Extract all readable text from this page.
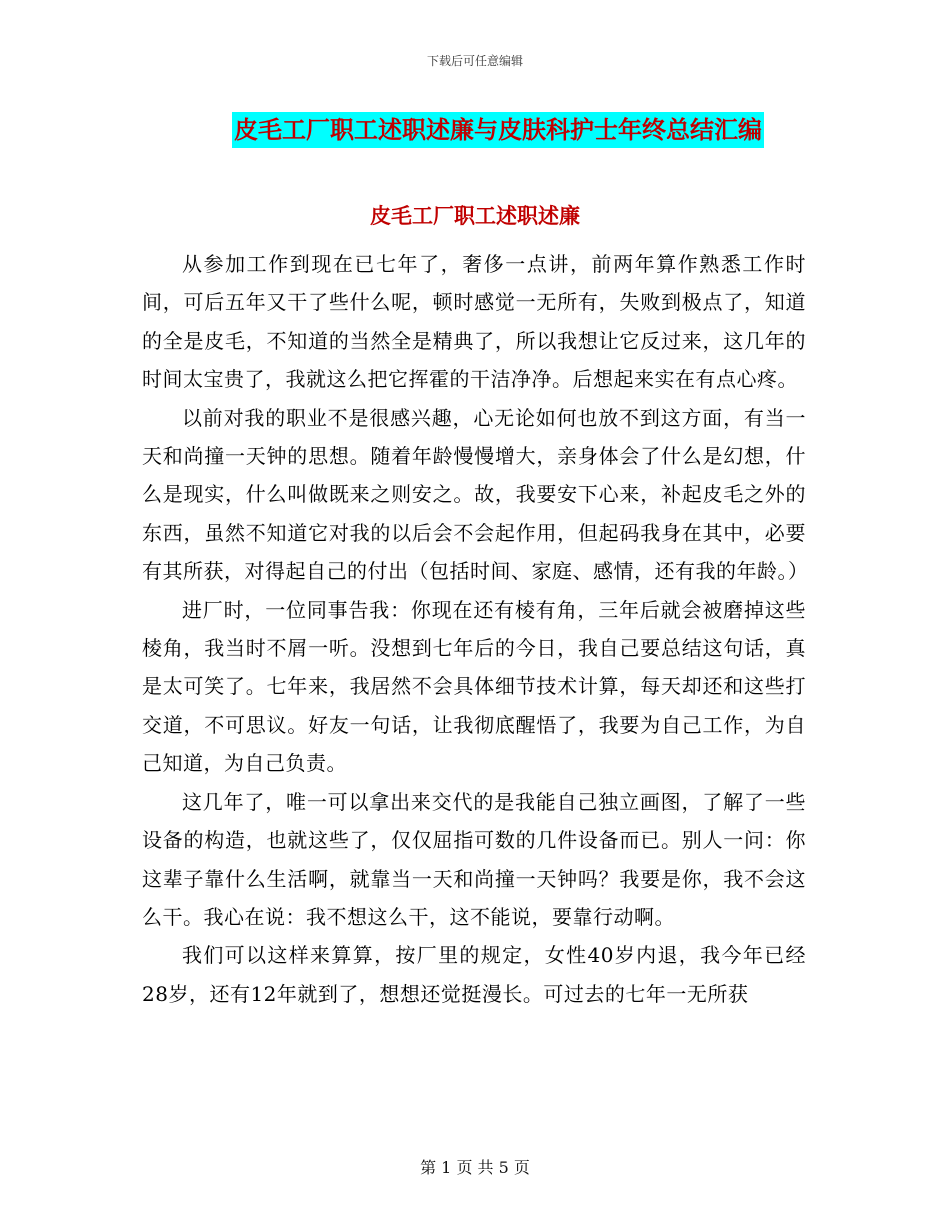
下载后可任意编辑
皮毛工厂职工述职述廉与皮肤科护士年终总结汇编
皮毛工厂职工述职述廉

从参加工作到现在已七年了，奢侈一点讲，前两年算作熟悉工作时间，可后五年又干了些什么呢，顿时感觉一无所有，失败到极点了，知道的全是皮毛，不知道的当然全是精典了，所以我想让它反过来，这几年的时间太宝贵了，我就这么把它挥霍的干洁净净。后想起来实在有点心疼。

以前对我的职业不是很感兴趣，心无论如何也放不到这方面，有当一天和尚撞一天钟的思想。随着年龄慢慢增大，亲身体会了什么是幻想，什么是现实，什么叫做既来之则安之。故，我要安下心来，补起皮毛之外的东西，虽然不知道它对我的以后会不会起作用，但起码我身在其中，必要有其所获，对得起自己的付出（包括时间、家庭、感情，还有我的年龄。）

进厂时，一位同事告我：你现在还有棱有角，三年后就会被磨掉这些棱角，我当时不屑一听。没想到七年后的今日，我自己要总结这句话，真是太可笑了。七年来，我居然不会具体细节技术计算，每天却还和这些打交道，不可思议。好友一句话，让我彻底醒悟了，我要为自己工作，为自己知道，为自己负责。

这几年了，唯一可以拿出来交代的是我能自己独立画图，了解了一些设备的构造，也就这些了，仅仅屈指可数的几件设备而已。别人一问：你这辈子靠什么生活啊，就靠当一天和尚撞一天钟吗？我要是你，我不会这么干。我心在说：我不想这么干，这不能说，要靠行动啊。

我们可以这样来算算，按厂里的规定，女性40岁内退，我今年已经28岁，还有12年就到了，想想还觉挺漫长。可过去的七年一无所获

第 1 页 共 5 页
